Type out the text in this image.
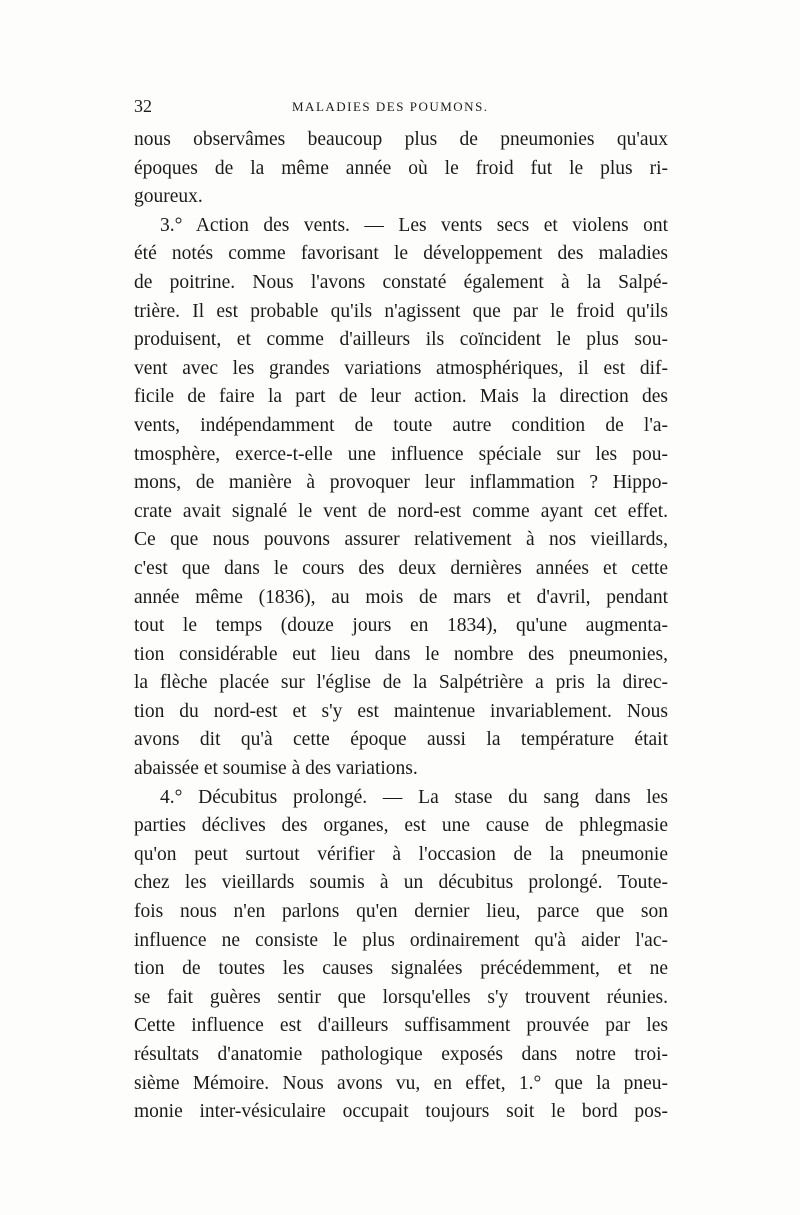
32	MALADIES DES POUMONS.
nous observâmes beaucoup plus de pneumonies qu'aux
époques de la même année où le froid fut le plus ri-
goureux.
3.° Action des vents. — Les vents secs et violens ont
été notés comme favorisant le développement des maladies
de poitrine. Nous l'avons constaté également à la Salpé-
trière. Il est probable qu'ils n'agissent que par le froid qu'ils
produisent, et comme d'ailleurs ils coïncident le plus sou-
vent avec les grandes variations atmosphériques, il est dif-
ficile de faire la part de leur action. Mais la direction des
vents, indépendamment de toute autre condition de l'a-
tmosphère, exerce-t-elle une influence spéciale sur les pou-
mons, de manière à provoquer leur inflammation ? Hippo-
crate avait signalé le vent de nord-est comme ayant cet effet.
Ce que nous pouvons assurer relativement à nos vieillards,
c'est que dans le cours des deux dernières années et cette
année même (1836), au mois de mars et d'avril, pendant
tout le temps (douze jours en 1834), qu'une augmenta-
tion considérable eut lieu dans le nombre des pneumonies,
la flèche placée sur l'église de la Salpétrière a pris la direc-
tion du nord-est et s'y est maintenue invariablement. Nous
avons dit qu'à cette époque aussi la température était
abaissée et soumise à des variations.
4.° Décubitus prolongé. — La stase du sang dans les
parties déclives des organes, est une cause de phlegmasie
qu'on peut surtout vérifier à l'occasion de la pneumonie
chez les vieillards soumis à un décubitus prolongé. Toute-
fois nous n'en parlons qu'en dernier lieu, parce que son
influence ne consiste le plus ordinairement qu'à aider l'ac-
tion de toutes les causes signalées précédemment, et ne
se fait guères sentir que lorsqu'elles s'y trouvent réunies.
Cette influence est d'ailleurs suffisamment prouvée par les
résultats d'anatomie pathologique exposés dans notre troi-
sième Mémoire. Nous avons vu, en effet, 1.° que la pneu-
monie inter-vésiculaire occupait toujours soit le bord pos-
